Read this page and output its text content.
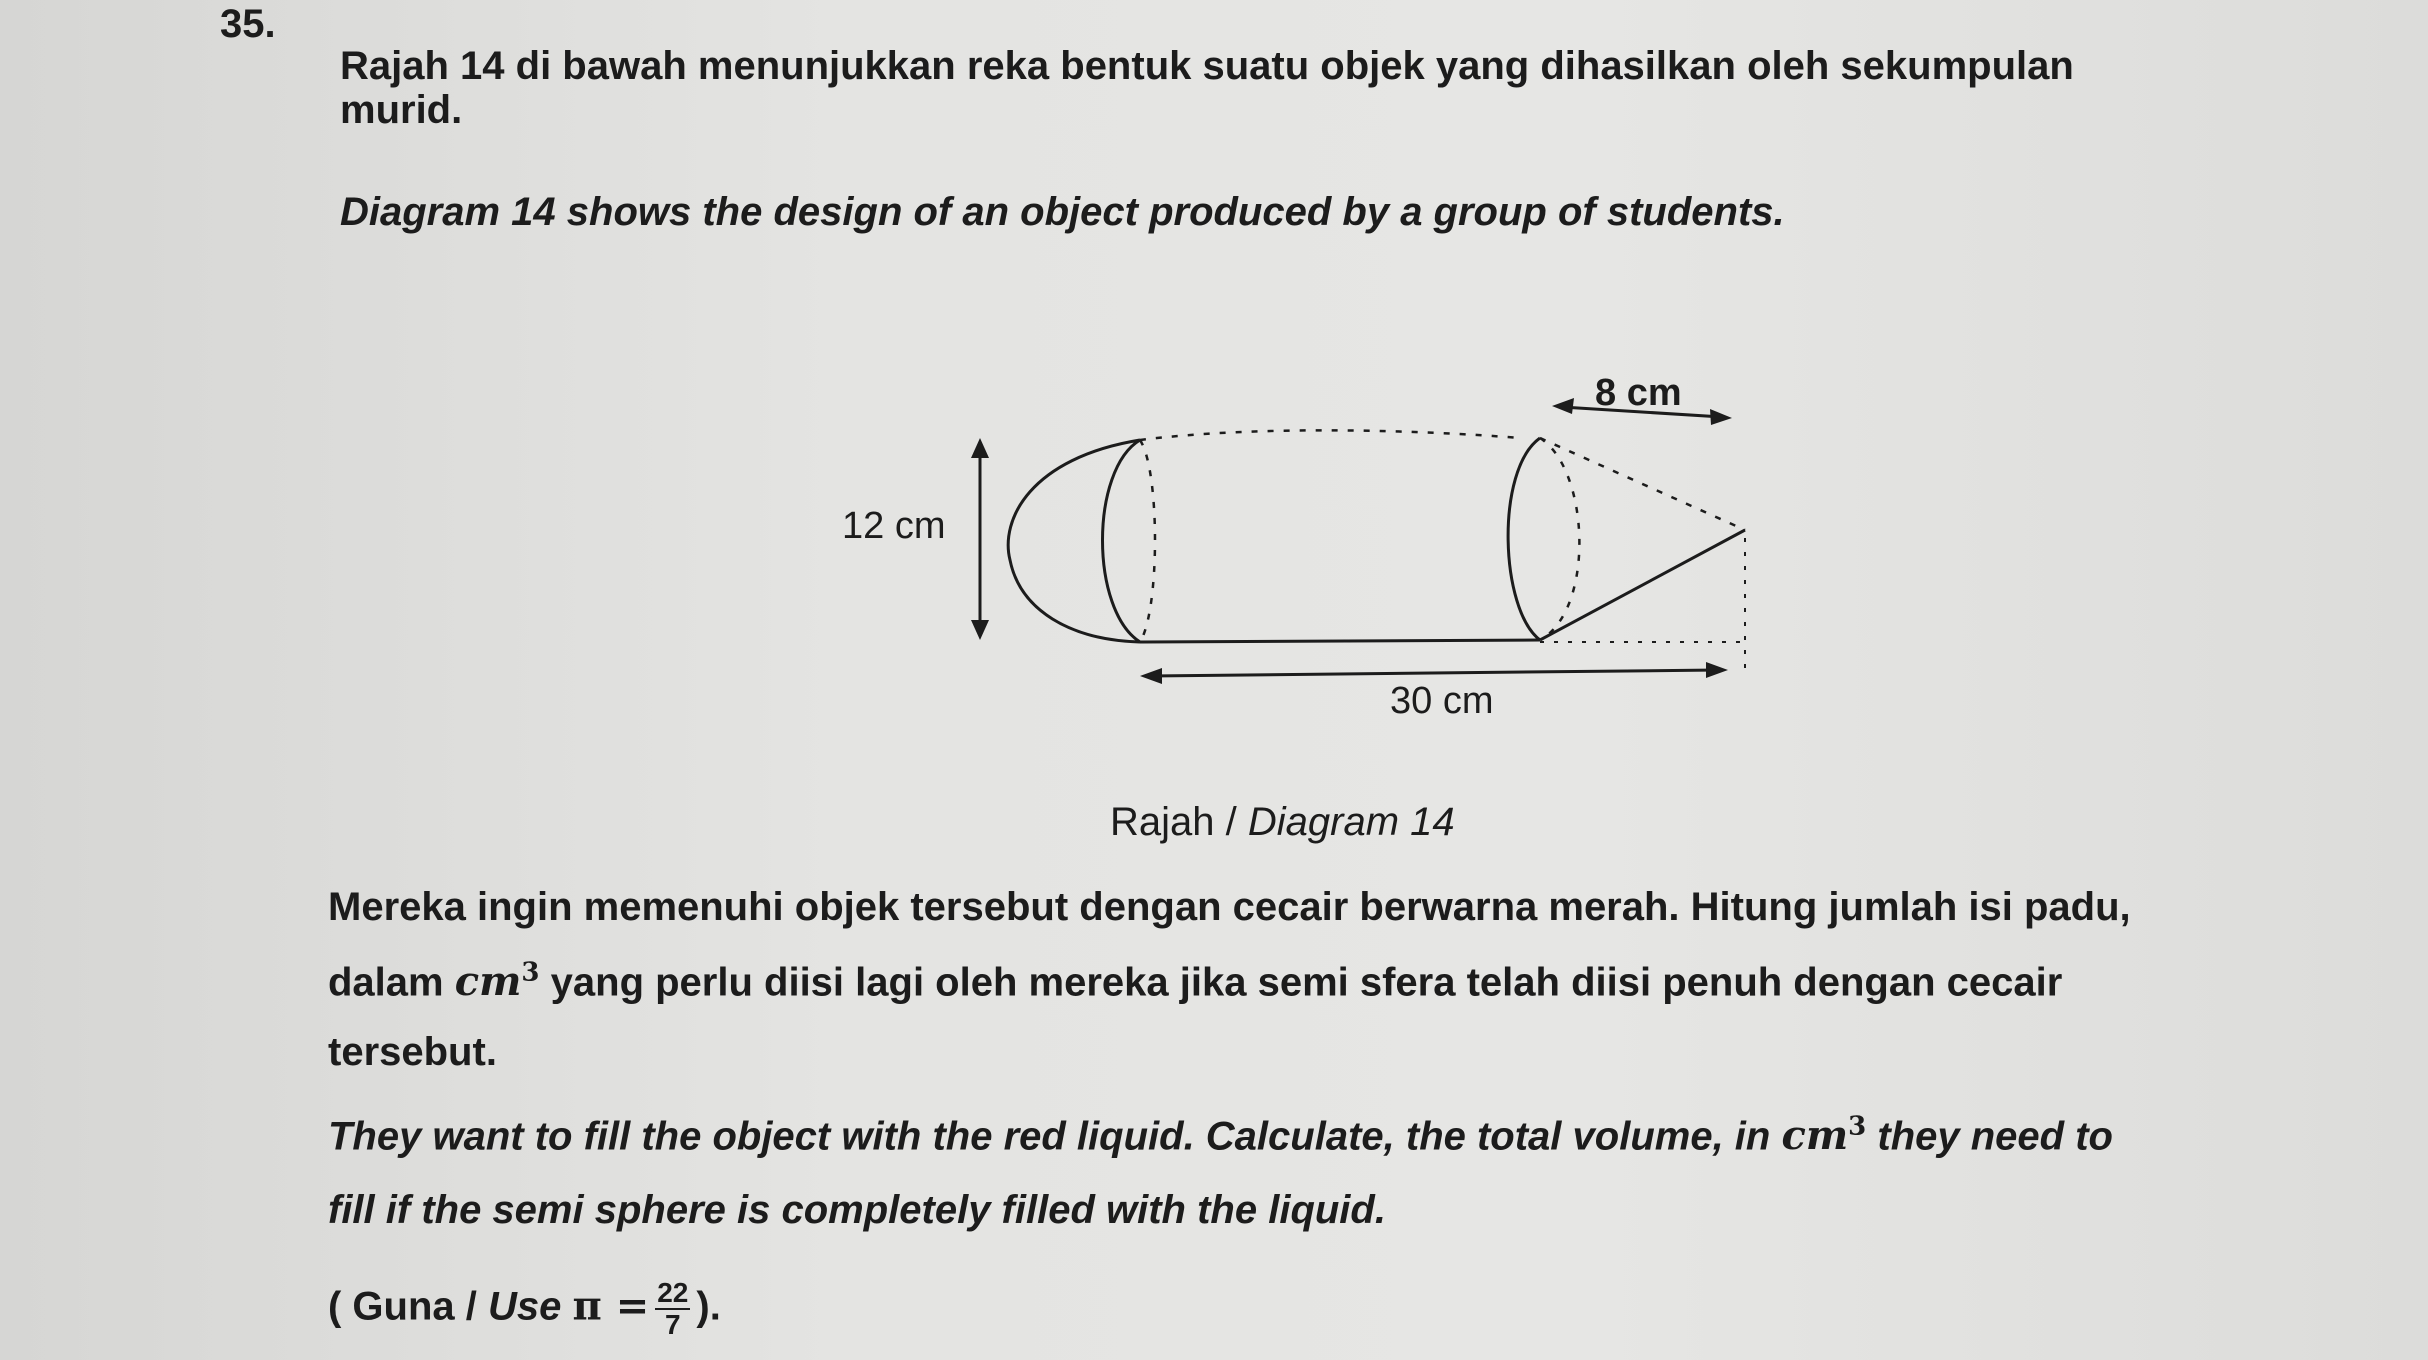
35.
Rajah 14 di bawah menunjukkan reka bentuk suatu objek yang dihasilkan oleh sekumpulan
murid.
Diagram 14 shows the design of an object produced by a group of students.
12 cm
8 cm
30 cm
Rajah / Diagram 14
Mereka ingin memenuhi objek tersebut dengan cecair berwarna merah. Hitung jumlah isi padu,
dalam $cm^3$ yang perlu diisi lagi oleh mereka jika semi sfera telah diisi penuh dengan cecair
tersebut.
They want to fill the object with the red liquid. Calculate, the total volume, in $cm^3$ they need to
fill if the semi sphere is completely filled with the liquid.
( Guna / Use $\pi = \frac{22}{7}$ ).
